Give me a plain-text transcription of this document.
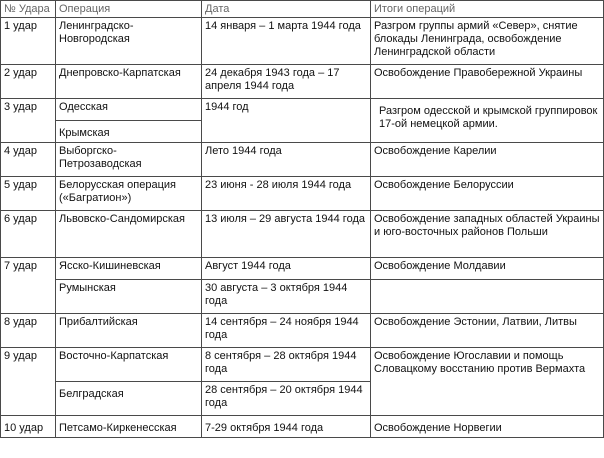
№ Удара	Операция	Дата	Итоги операций
1 удар	Ленинградско-Новгородская	14 января – 1 марта 1944 года	Разгром группы армий «Север», снятие блокады Ленинграда, освобождение Ленинградской области
2 удар	Днепровско-Карпатская	24 декабря 1943 года – 17 апреля 1944 года	Освобождение Правобережной Украины
3 удар	Одесская	1944 год	Разгром одесской и крымской группировок 17-ой немецкой армии.
	Крымская		
4 удар	Выборгско-Петрозаводская	Лето 1944 года	Освобождение Карелии
5 удар	Белорусская операция («Багратион»)	23 июня - 28 июля 1944 года	Освобождение Белоруссии
6 удар	Львовско-Сандомирская	13 июля – 29 августа 1944 года	Освобождение западных областей Украины и юго-восточных районов Польши
7 удар	Ясско-Кишиневская	Август 1944 года	Освобождение Молдавии
	Румынская	30 августа – 3 октября 1944 года	
8 удар	Прибалтийская	14 сентября – 24 ноября 1944 года	Освобождение Эстонии, Латвии, Литвы
9 удар	Восточно-Карпатская	8 сентября – 28 октября 1944 года	Освобождение Югославии и помощь Словацкому восстанию против Вермахта
	Белградская	28 сентября – 20 октября 1944 года	
10 удар	Петсамо-Киркенесская	7-29 октября 1944 года	Освобождение Норвегии
